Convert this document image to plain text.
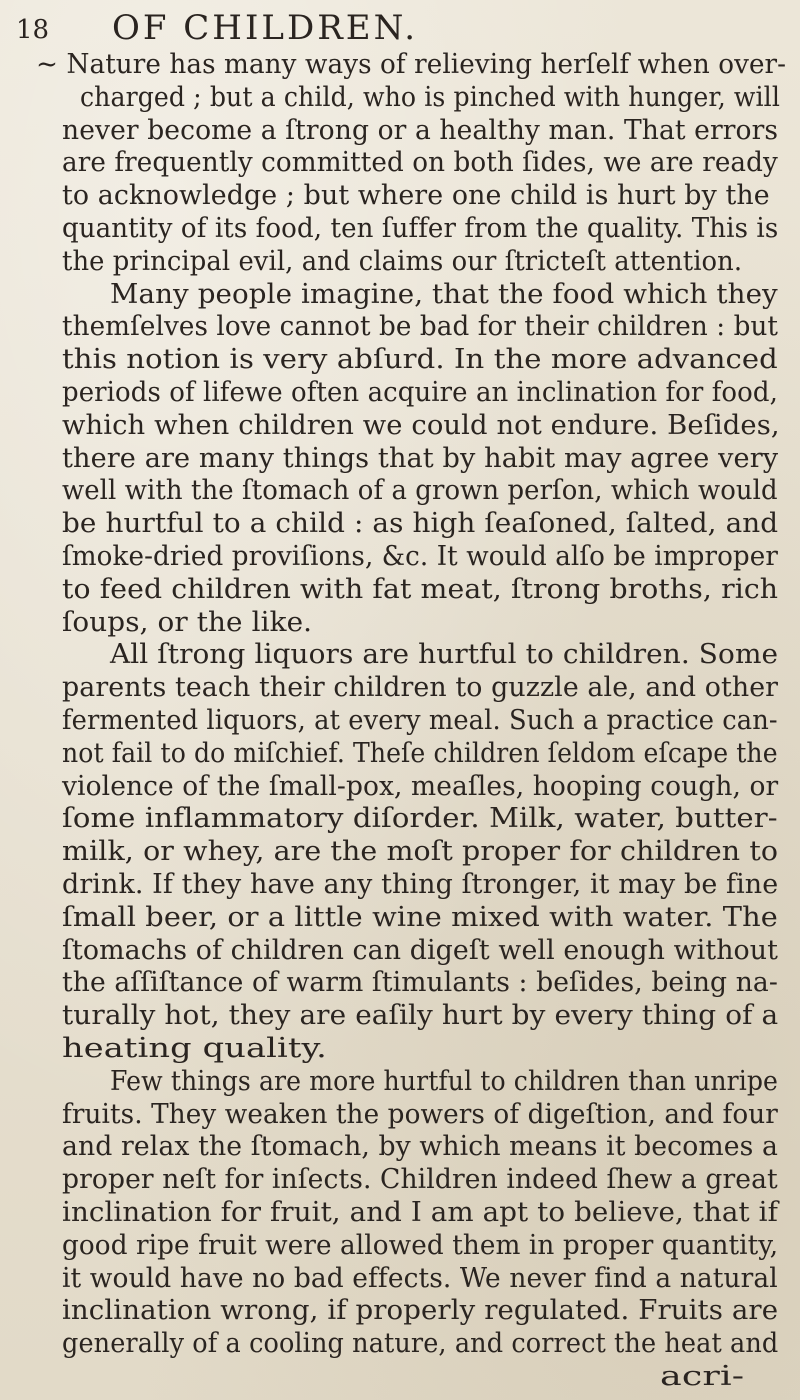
18 OF CHILDREN.
~ Nature has many ways of relieving herſelf when over-
charged ; but a child, who is pinched with hunger, will
never become a ſtrong or a healthy man. That errors
are frequently committed on both ſides, we are ready
to acknowledge ; but where one child is hurt by the
quantity of its food, ten ſuffer from the quality. This is
the principal evil, and claims our ſtricteſt attention.
Many people imagine, that the food which they
themſelves love cannot be bad for their children : but
this notion is very abſurd. In the more advanced
periods of lifewe often acquire an inclination for food,
which when children we could not endure. Beſides,
there are many things that by habit may agree very
well with the ſtomach of a grown perſon, which would
be hurtful to a child : as high ſeaſoned, ſalted, and
ſmoke-dried proviſions, &c. It would alſo be improper
to feed children with fat meat, ſtrong broths, rich
ſoups, or the like.
All ſtrong liquors are hurtful to children. Some
parents teach their children to guzzle ale, and other
fermented liquors, at every meal. Such a practice can-
not fail to do miſchief. Theſe children ſeldom eſcape the
violence of the ſmall-pox, meaſles, hooping cough, or
ſome inflammatory diſorder. Milk, water, butter-
milk, or whey, are the moſt proper for children to
drink. If they have any thing ſtronger, it may be fine
ſmall beer, or a little wine mixed with water. The
ſtomachs of children can digeſt well enough without
the aſſiſtance of warm ſtimulants : beſides, being na-
turally hot, they are eaſily hurt by every thing of a
heating quality.
Few things are more hurtful to children than unripe
fruits. They weaken the powers of digeſtion, and four
and relax the ſtomach, by which means it becomes a
proper neſt for inſects. Children indeed ſhew a great
inclination for fruit, and I am apt to believe, that if
good ripe fruit were allowed them in proper quantity,
it would have no bad effects. We never find a natural
inclination wrong, if properly regulated. Fruits are
generally of a cooling nature, and correct the heat and
acri-
